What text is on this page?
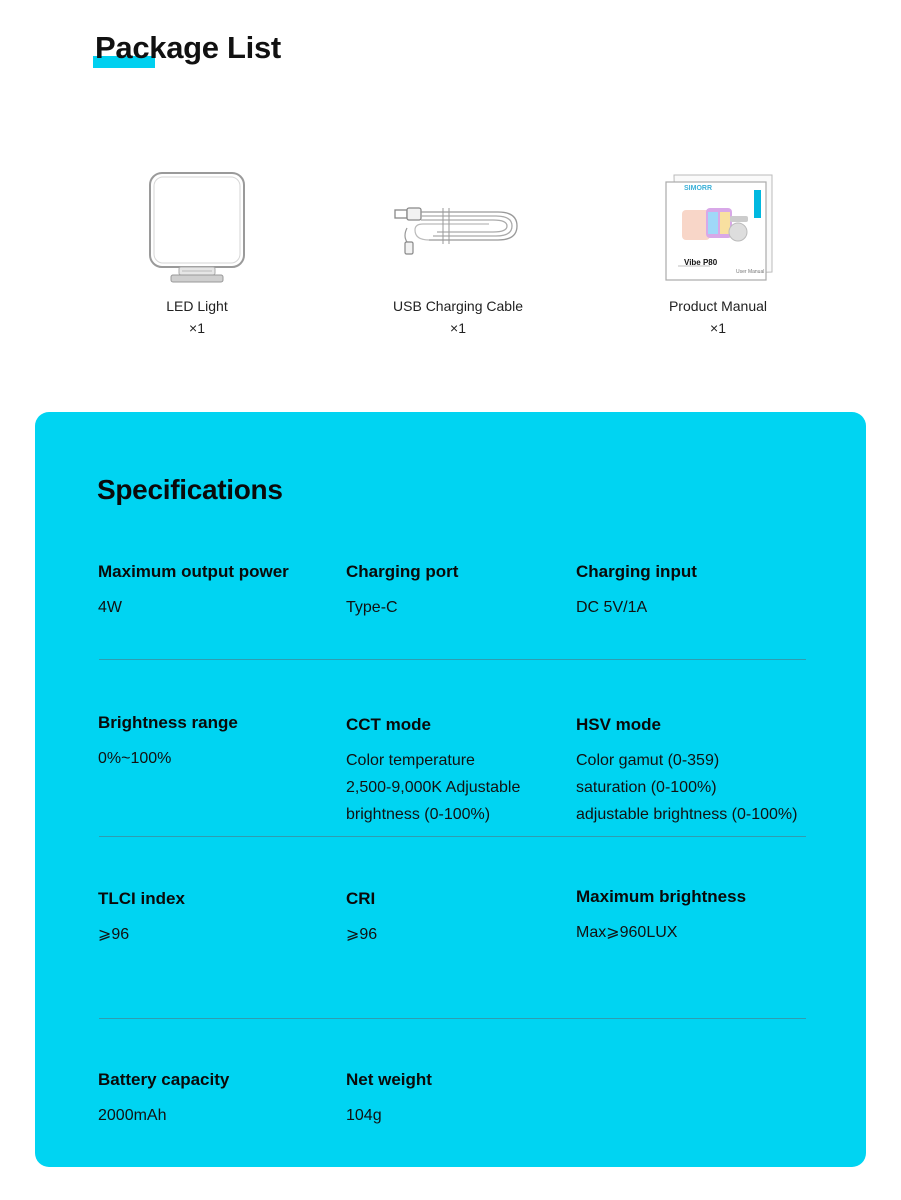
Package List
LED Light
×1
USB Charging Cable
×1
SIMORR
Vibe P80
User Manual
Product Manual
×1
Specifications
Maximum output power
4W
Charging port
Type-C
Charging input
DC 5V/1A
Brightness range
0%~100%
CCT mode
Color temperature
2,500-9,000K Adjustable
brightness (0-100%)
HSV mode
Color gamut (0-359)
saturation (0-100%)
adjustable brightness (0-100%)
TLCI index
⩾96
CRI
⩾96
Maximum brightness
Max⩾960LUX
Battery capacity
2000mAh
Net weight
104g
